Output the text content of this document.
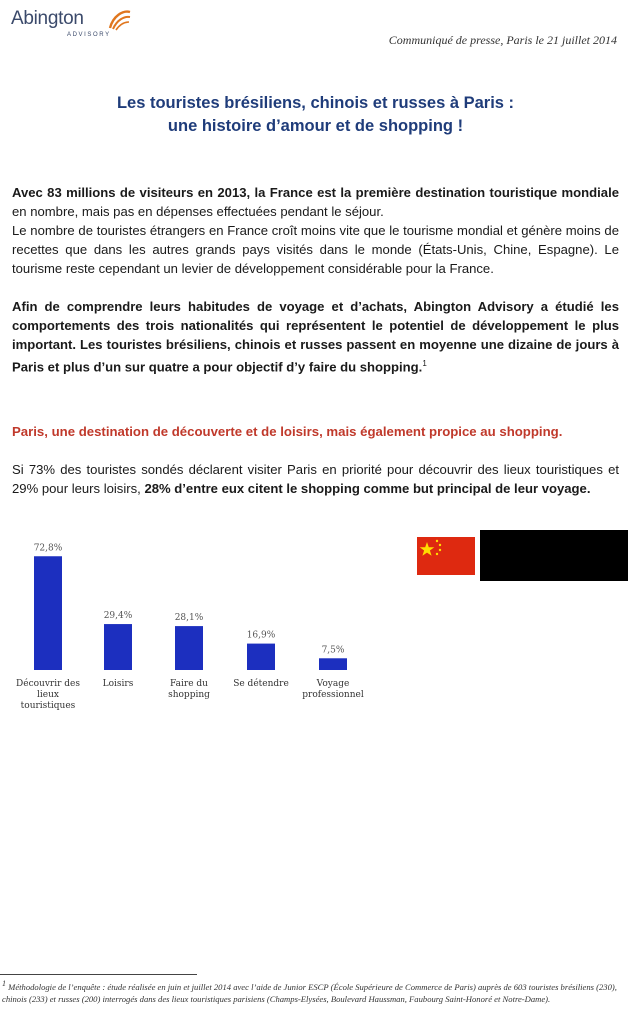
Abington
ADVISORY	Communiqué de presse, Paris le 21 juillet 2014
Les touristes brésiliens, chinois et russes à Paris :
une histoire d’amour et de shopping !

Avec 83 millions de visiteurs en 2013, la France est la première destination touristique mondiale en nombre, mais pas en dépenses effectuées pendant le séjour.

Le nombre de touristes étrangers en France croît moins vite que le tourisme mondial et génère moins de recettes que dans les autres grands pays visités dans le monde (États-Unis, Chine, Espagne). Le tourisme reste cependant un levier de développement considérable pour la France.

Afin de comprendre leurs habitudes de voyage et d’achats, Abington Advisory a étudié les comportements des trois nationalités qui représentent le potentiel de développement le plus important. Les touristes brésiliens, chinois et russes passent en moyenne une dizaine de jours à Paris et plus d’un sur quatre a pour objectif d’y faire du shopping.$^1$

Paris, une destination de découverte et de loisirs, mais également propice au shopping.

Si 73% des touristes sondés déclarent visiter Paris en priorité pour découvrir des lieux touristiques et 29% pour leurs loisirs, 28% d’entre eux citent le shopping comme but principal de leur voyage.

72,8%
Découvrir des
lieux
touristiques
29,4%
Loisirs
28,1%
Faire du
shopping
16,9%
Se détendre
7,5%
Voyage
professionnel
$^1$ Méthodologie de l’enquête : étude réalisée en juin et juillet 2014 avec l’aide de Junior ESCP (École Supérieure de Commerce de Paris) auprès de 603 touristes brésiliens (230), chinois (233) et russes (200) interrogés dans des lieux touristiques parisiens (Champs-Elysées, Boulevard Haussman, Faubourg Saint-Honoré et Notre-Dame).
